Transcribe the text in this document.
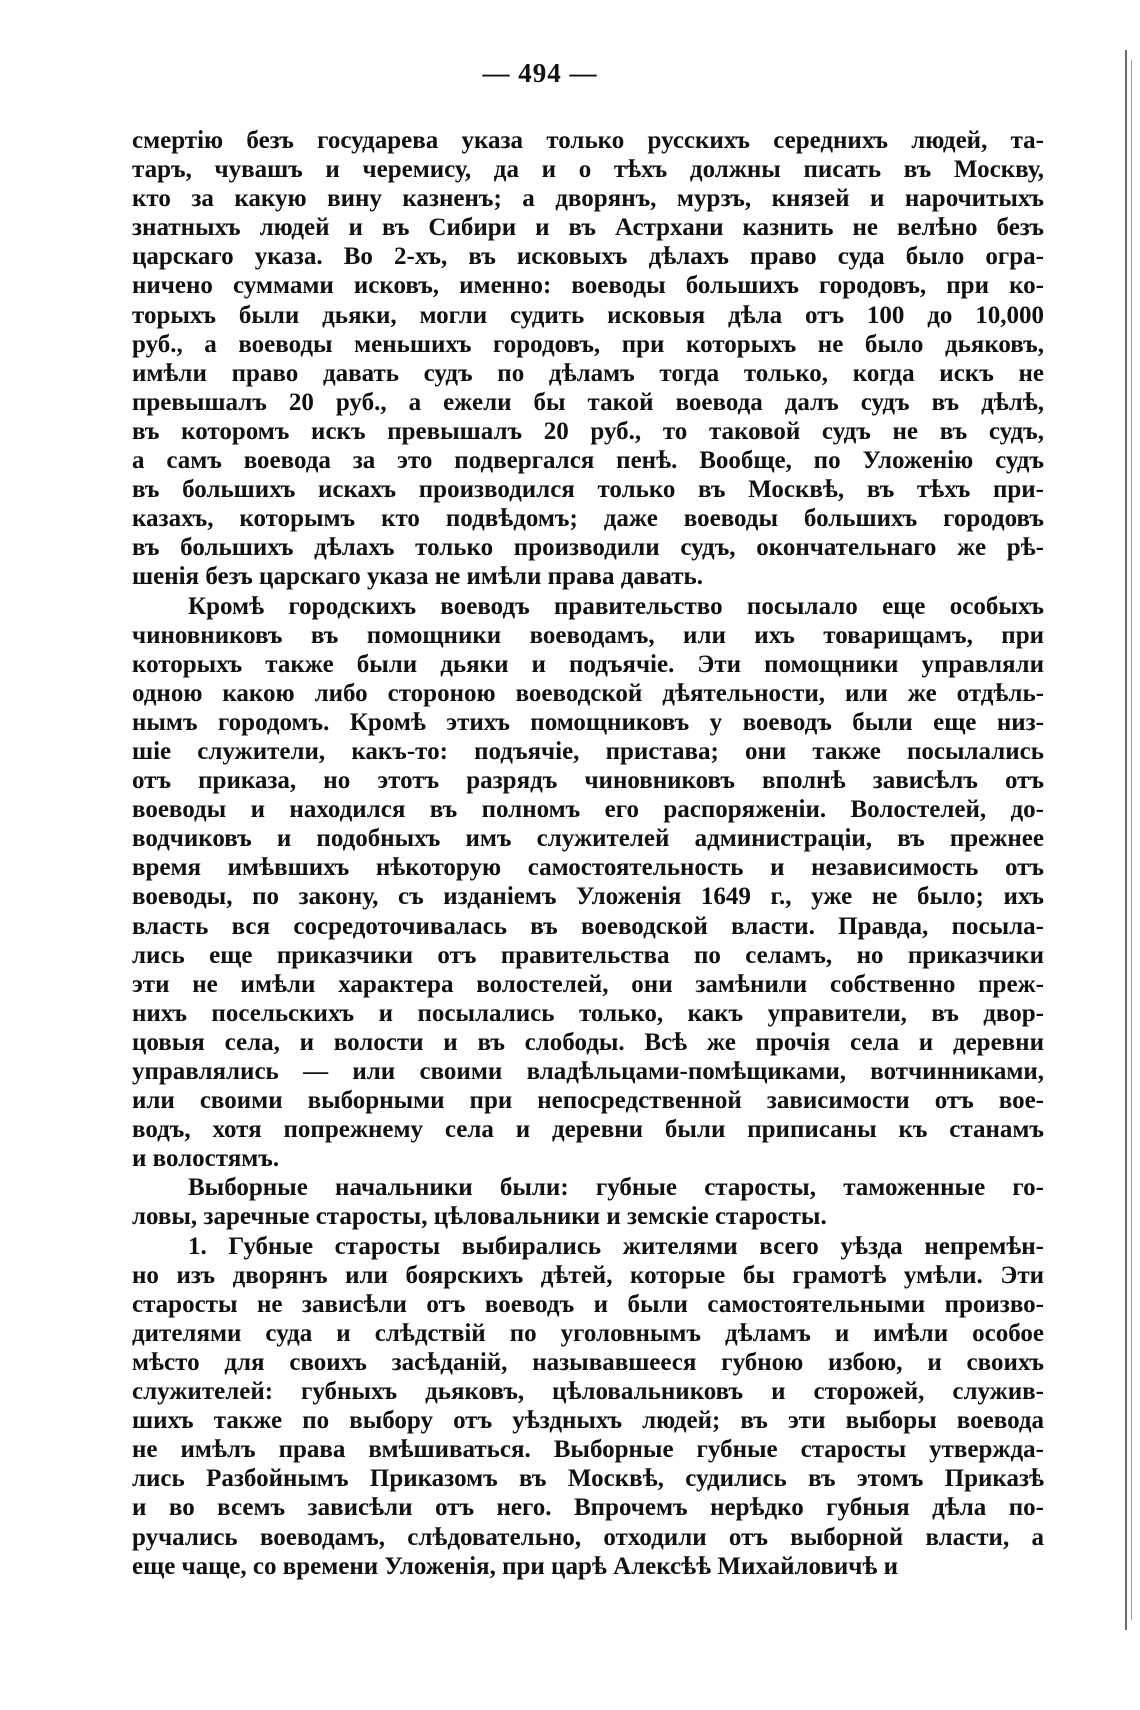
— 494 —
смертію безъ государева указа только русскихъ середнихъ людей, та-
таръ, чувашъ и черемису, да и о тѣхъ должны писать въ Москву,
кто за какую вину казненъ; а дворянъ, мурзъ, князей и нарочитыхъ
знатныхъ людей и въ Сибири и въ Астрхани казнить не велѣно безъ
царскаго указа. Во 2-хъ, въ исковыхъ дѣлахъ право суда было огра-
ничено суммами исковъ, именно: воеводы большихъ городовъ, при ко-
торыхъ были дьяки, могли судить исковыя дѣла отъ 100 до 10,000
руб., а воеводы меньшихъ городовъ, при которыхъ не было дьяковъ,
имѣли право давать судъ по дѣламъ тогда только, когда искъ не
превышалъ 20 руб., а ежели бы такой воевода далъ судъ въ дѣлѣ,
въ которомъ искъ превышалъ 20 руб., то таковой судъ не въ судъ,
а самъ воевода за это подвергался пенѣ. Вообще, по Уложенію судъ
въ большихъ искахъ производился только въ Москвѣ, въ тѣхъ при-
казахъ, которымъ кто подвѣдомъ; даже воеводы большихъ городовъ
въ большихъ дѣлахъ только производили судъ, окончательнаго же рѣ-
шенія безъ царскаго указа не имѣли права давать.
Кромѣ городскихъ воеводъ правительство посылало еще особыхъ
чиновниковъ въ помощники воеводамъ, или ихъ товарищамъ, при
которыхъ также были дьяки и подъячіе. Эти помощники управляли
одною какою либо стороною воеводской дѣятельности, или же отдѣль-
нымъ городомъ. Кромѣ этихъ помощниковъ у воеводъ были еще низ-
шіе служители, какъ-то: подъячіе, пристава; они также посылались
отъ приказа, но этотъ разрядъ чиновниковъ вполнѣ зависѣлъ отъ
воеводы и находился въ полномъ его распоряженіи. Волостелей, до-
водчиковъ и подобныхъ имъ служителей администраціи, въ прежнее
время имѣвшихъ нѣкоторую самостоятельность и независимость отъ
воеводы, по закону, съ изданіемъ Уложенія 1649 г., уже не было; ихъ
власть вся сосредоточивалась въ воеводской власти. Правда, посыла-
лись еще приказчики отъ правительства по селамъ, но приказчики
эти не имѣли характера волостелей, они замѣнили собственно преж-
нихъ посельскихъ и посылались только, какъ управители, въ двор-
цовыя села, и волости и въ слободы. Всѣ же прочія села и деревни
управлялись — или своими владѣльцами-помѣщиками, вотчинниками,
или своими выборными при непосредственной зависимости отъ вое-
водъ, хотя попрежнему села и деревни были приписаны къ станамъ
и волостямъ.
Выборные начальники были: губные старосты, таможенные го-
ловы, заречные старосты, цѣловальники и земскіе старосты.
1. Губные старосты выбирались жителями всего уѣзда непремѣн-
но изъ дворянъ или боярскихъ дѣтей, которые бы грамотѣ умѣли. Эти
старосты не зависѣли отъ воеводъ и были самостоятельными произво-
дителями суда и слѣдствій по уголовнымъ дѣламъ и имѣли особое
мѣсто для своихъ засѣданій, называвшееся губною избою, и своихъ
служителей: губныхъ дьяковъ, цѣловальниковъ и сторожей, служив-
шихъ также по выбору отъ уѣздныхъ людей; въ эти выборы воевода
не имѣлъ права вмѣшиваться. Выборные губные старосты утвержда-
лись Разбойнымъ Приказомъ въ Москвѣ, судились въ этомъ Приказѣ
и во всемъ зависѣли отъ него. Впрочемъ нерѣдко губныя дѣла по-
ручались воеводамъ, слѣдовательно, отходили отъ выборной власти, а
еще чаще, со времени Уложенія, при царѣ Алексѣѣ Михайловичѣ и
